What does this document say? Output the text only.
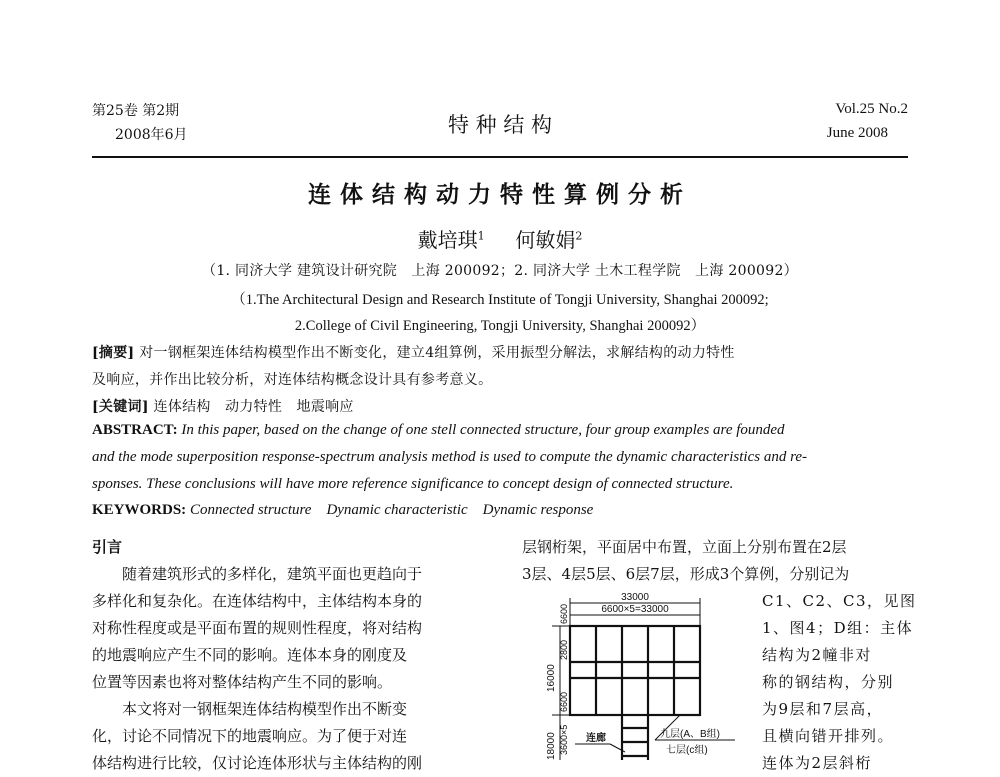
第25卷 第2期
2008年6月	特 种 结 构
Vol.25 No.2
June 2008
连体结构动力特性算例分析
戴培琪$^1$ 何敏娟$^2$
（1. 同济大学 建筑设计研究院　上海 200092；2. 同济大学 土木工程学院　上海 200092）
（1.The Architectural Design and Research Institute of Tongji University, Shanghai 200092;
2.College of Civil Engineering, Tongji University, Shanghai 200092）
[摘要] 对一钢框架连体结构模型作出不断变化，建立4组算例，采用振型分解法，求解结构的动力特性
及响应，并作出比较分析，对连体结构概念设计具有参考意义。
[关键词] 连体结构　动力特性　地震响应
ABSTRACT: In this paper, based on the change of one stell connected structure, four group examples are founded
and the mode superposition response-spectrum analysis method is used to compute the dynamic characteristics and re-
sponses. These conclusions will have more reference significance to concept design of connected structure.
KEYWORDS: Connected structure    Dynamic characteristic    Dynamic response

引言

随着建筑形式的多样化，建筑平面也更趋向于

多样化和复杂化。在连体结构中，主体结构本身的

对称性程度或是平面布置的规则性程度，将对结构

的地震响应产生不同的影响。连体本身的刚度及

位置等因素也将对整体结构产生不同的影响。

本文将对一钢框架连体结构模型作出不断变

化，讨论不同情况下的地震响应。为了便于对连

体结构进行比较，仅讨论连体形状与主体结构的刚

层钢桁架，平面居中布置，立面上分别布置在2层

3层、4层5层、6层7层，形成3个算例，分别记为

C1、C2、C3，见图

1、图4；D组：主体

结构为2幢非对

称的钢结构，分别

为9层和7层高，

且横向错开排列。

连体为2层斜桁

33000
6600×5=33000
6600
2800
6600
16000
18000 3600×5 连廊	九层(A、B组)
七层(c组)
